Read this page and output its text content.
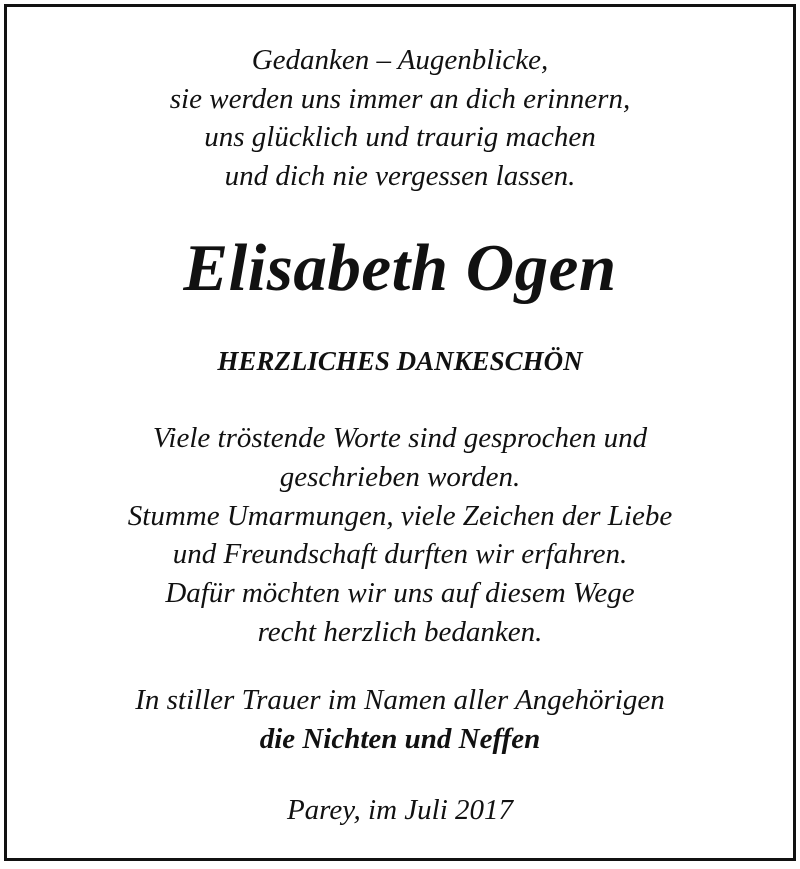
Gedanken – Augenblicke,
sie werden uns immer an dich erinnern,
uns glücklich und traurig machen
und dich nie vergessen lassen.
Elisabeth Ogen
HERZLICHES DANKESCHÖN
Viele tröstende Worte sind gesprochen und
geschrieben worden.
Stumme Umarmungen, viele Zeichen der Liebe
und Freundschaft durften wir erfahren.
Dafür möchten wir uns auf diesem Wege
recht herzlich bedanken.
In stiller Trauer im Namen aller Angehörigen
die Nichten und Neffen
Parey, im Juli 2017
